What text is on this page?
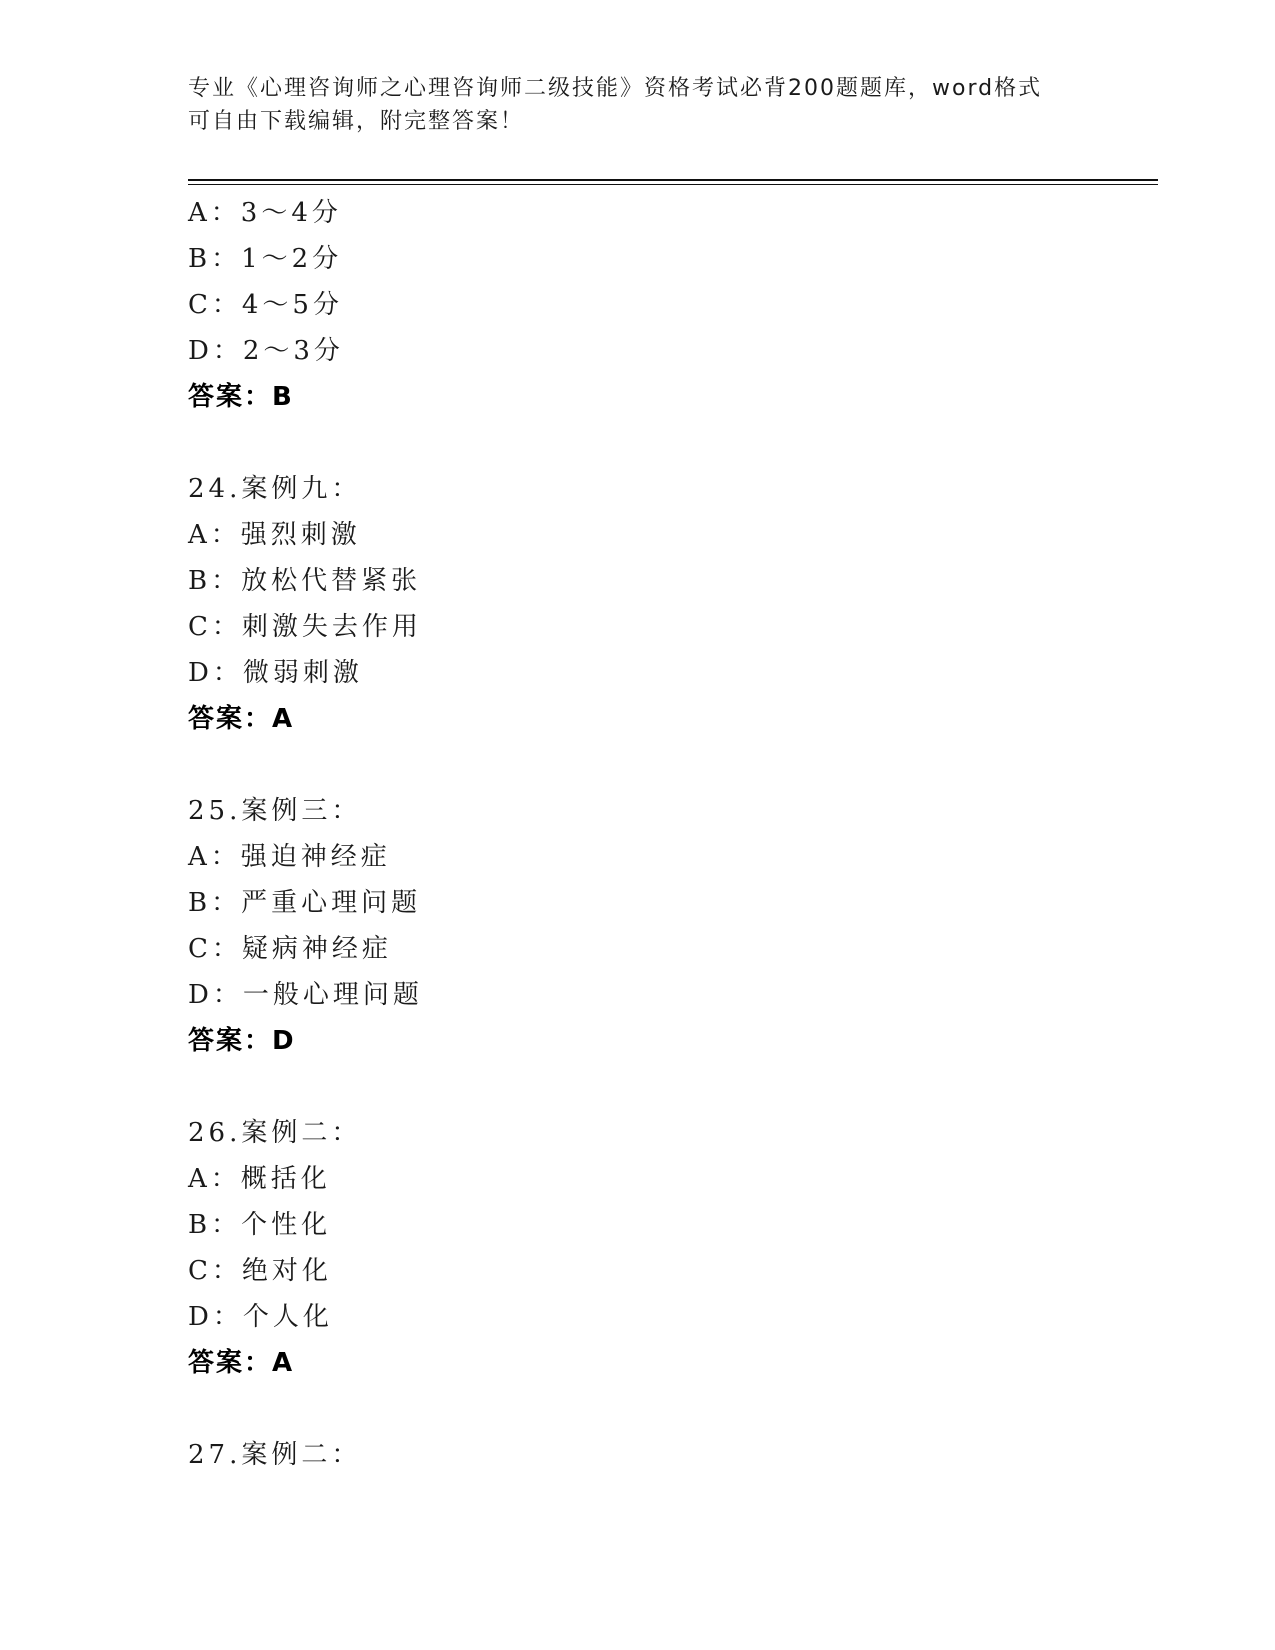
专业《心理咨询师之心理咨询师二级技能》资格考试必背200题题库，word格式
可自由下载编辑，附完整答案！
A：3～4分
B：1～2分
C：4～5分
D：2～3分
答案：B
24.案例九：
A：强烈刺激
B：放松代替紧张
C：刺激失去作用
D：微弱刺激
答案：A
25.案例三：
A：强迫神经症
B：严重心理问题
C：疑病神经症
D：一般心理问题
答案：D
26.案例二：
A：概括化
B：个性化
C：绝对化
D：个人化
答案：A
27.案例二：
